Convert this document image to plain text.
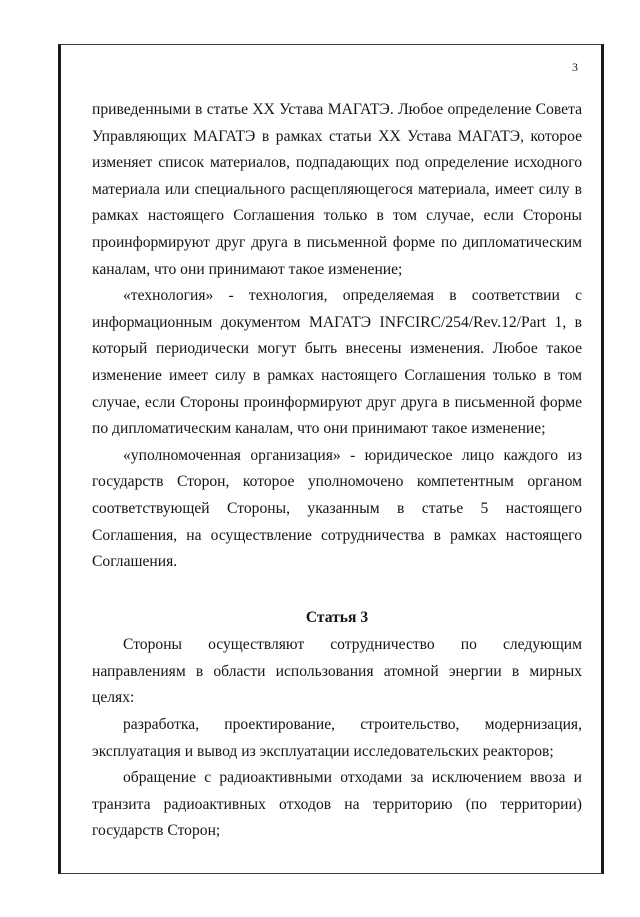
3

приведенными в статье XX Устава МАГАТЭ. Любое определение Совета Управляющих МАГАТЭ в рамках статьи XX Устава МАГАТЭ, которое изменяет список материалов, подпадающих под определение исходного материала или специального расщепляющегося материала, имеет силу в рамках настоящего Соглашения только в том случае, если Стороны проинформируют друг друга в письменной форме по дипломатическим каналам, что они принимают такое изменение;

«технология» - технология, определяемая в соответствии с информационным документом МАГАТЭ INFCIRC/254/Rev.12/Part 1, в который периодически могут быть внесены изменения. Любое такое изменение имеет силу в рамках настоящего Соглашения только в том случае, если Стороны проинформируют друг друга в письменной форме по дипломатическим каналам, что они принимают такое изменение;

«уполномоченная организация» - юридическое лицо каждого из государств Сторон, которое уполномочено компетентным органом соответствующей Стороны, указанным в статье 5 настоящего Соглашения, на осуществление сотрудничества в рамках настоящего Соглашения.

Статья 3

Стороны осуществляют сотрудничество по следующим направлениям в области использования атомной энергии в мирных целях:

разработка, проектирование, строительство, модернизация, эксплуатация и вывод из эксплуатации исследовательских реакторов;

обращение с радиоактивными отходами за исключением ввоза и транзита радиоактивных отходов на территорию (по территории) государств Сторон;
